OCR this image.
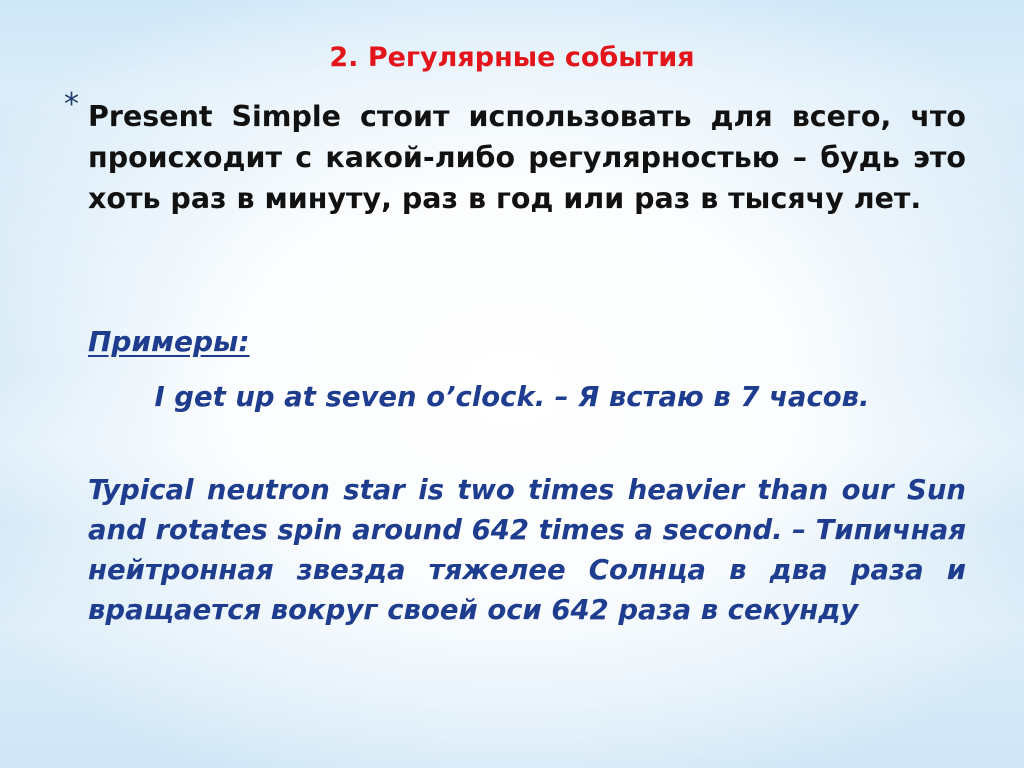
2. Регулярные события
* Present Simple стоит использовать для всего, что происходит с какой-либо регулярностью – будь это хоть раз в минуту, раз в год или раз в тысячу лет.

Примеры:

I get up at seven o’clock. – Я встаю в 7 часов.

Typical neutron star is two times heavier than our Sun and rotates spin around 642 times a second. – Типичная нейтронная звезда тяжелее Солнца в два раза и вращается вокруг своей оси 642 раза в секунду
